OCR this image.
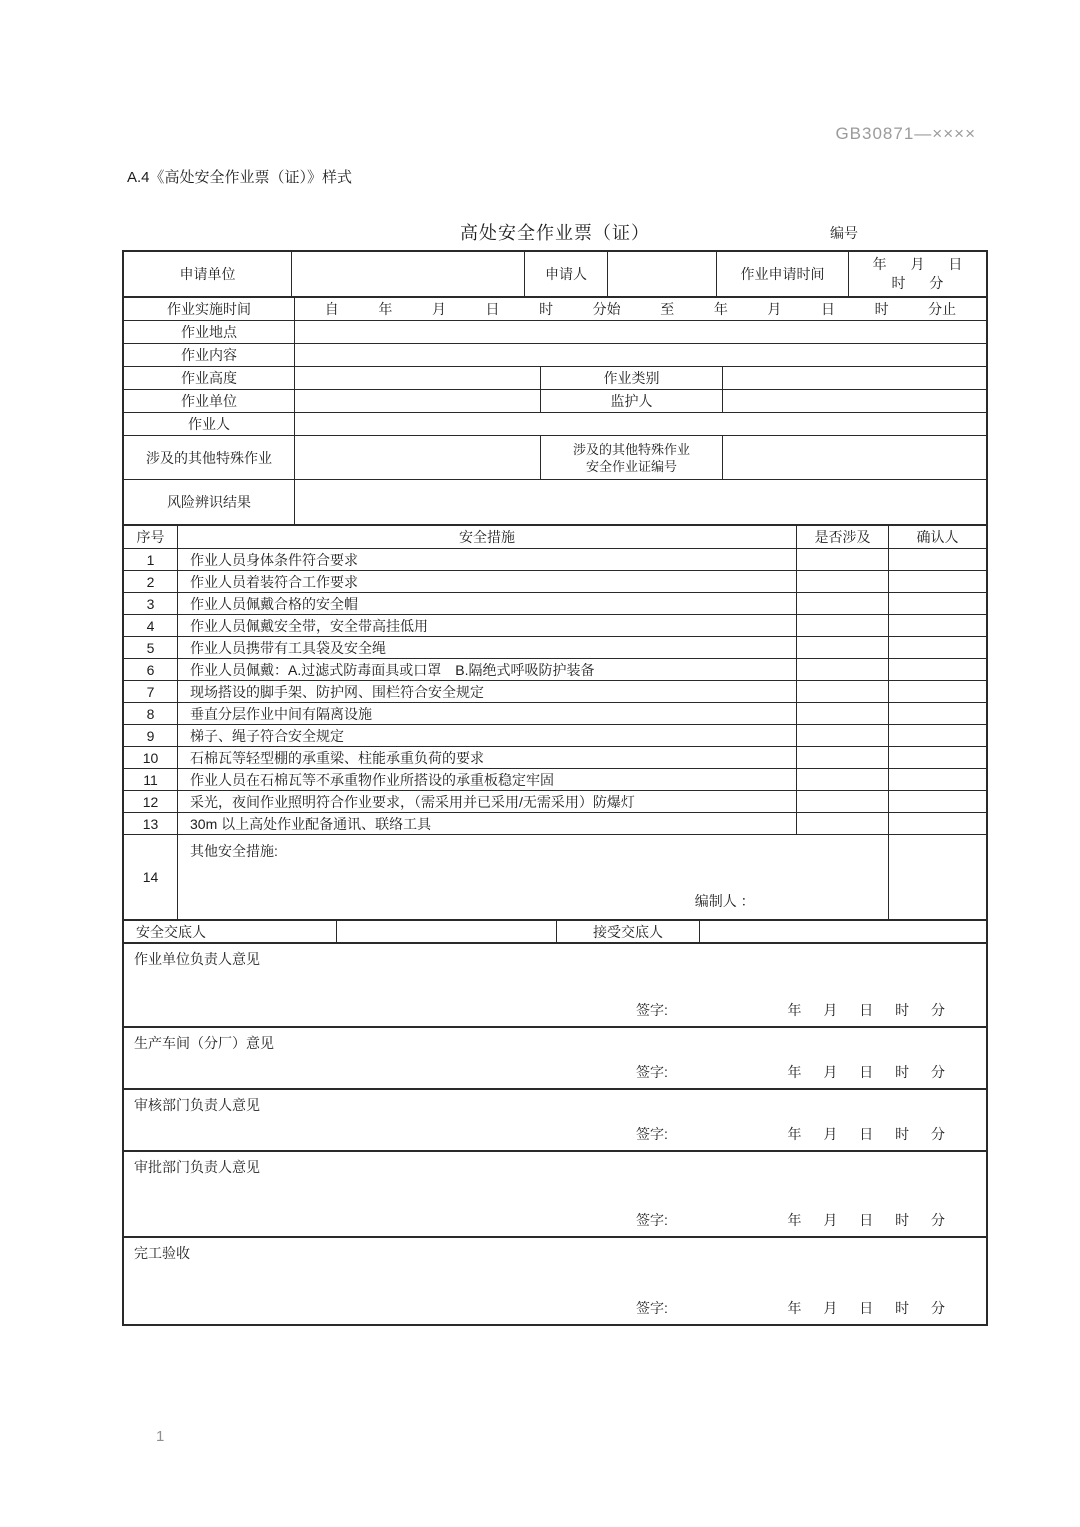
GB30871—××××
A.4《高处安全作业票（证）》样式
高处安全作业票（证）	编号
申请单位	申请人	作业申请时间
年 月 日
时 分
作业实施时间	自	年	月	日	时	分始	至	年	月	日	时	分止
作业地点
作业内容
作业高度	作业类别
作业单位	监护人
作业人
涉及的其他特殊作业
涉及的其他特殊作业
安全作业证编号
风险辨识结果
序号	安全措施	是否涉及	确认人
1	作业人员身体条件符合要求
2	作业人员着装符合工作要求
3	作业人员佩戴合格的安全帽
4	作业人员佩戴安全带，安全带高挂低用
5	作业人员携带有工具袋及安全绳
6	作业人员佩戴：A.过滤式防毒面具或口罩　B.隔绝式呼吸防护装备
7	现场搭设的脚手架、防护网、围栏符合安全规定
8	垂直分层作业中间有隔离设施
9	梯子、绳子符合安全规定
10	石棉瓦等轻型棚的承重梁、柱能承重负荷的要求
11	作业人员在石棉瓦等不承重物作业所搭设的承重板稳定牢固
12	采光，夜间作业照明符合作业要求，（需采用并已采用/无需采用）防爆灯
13	30m 以上高处作业配备通讯、联络工具
14
其他安全措施:
编制人 ：
安全交底人	接受交底人
作业单位负责人意见
签字:	年 月 日 时 分
生产车间（分厂）意见
签字:	年 月 日 时 分
审核部门负责人意见
签字:	年 月 日 时 分
审批部门负责人意见
签字:	年 月 日 时 分
完工验收
签字:	年 月 日 时 分
1
